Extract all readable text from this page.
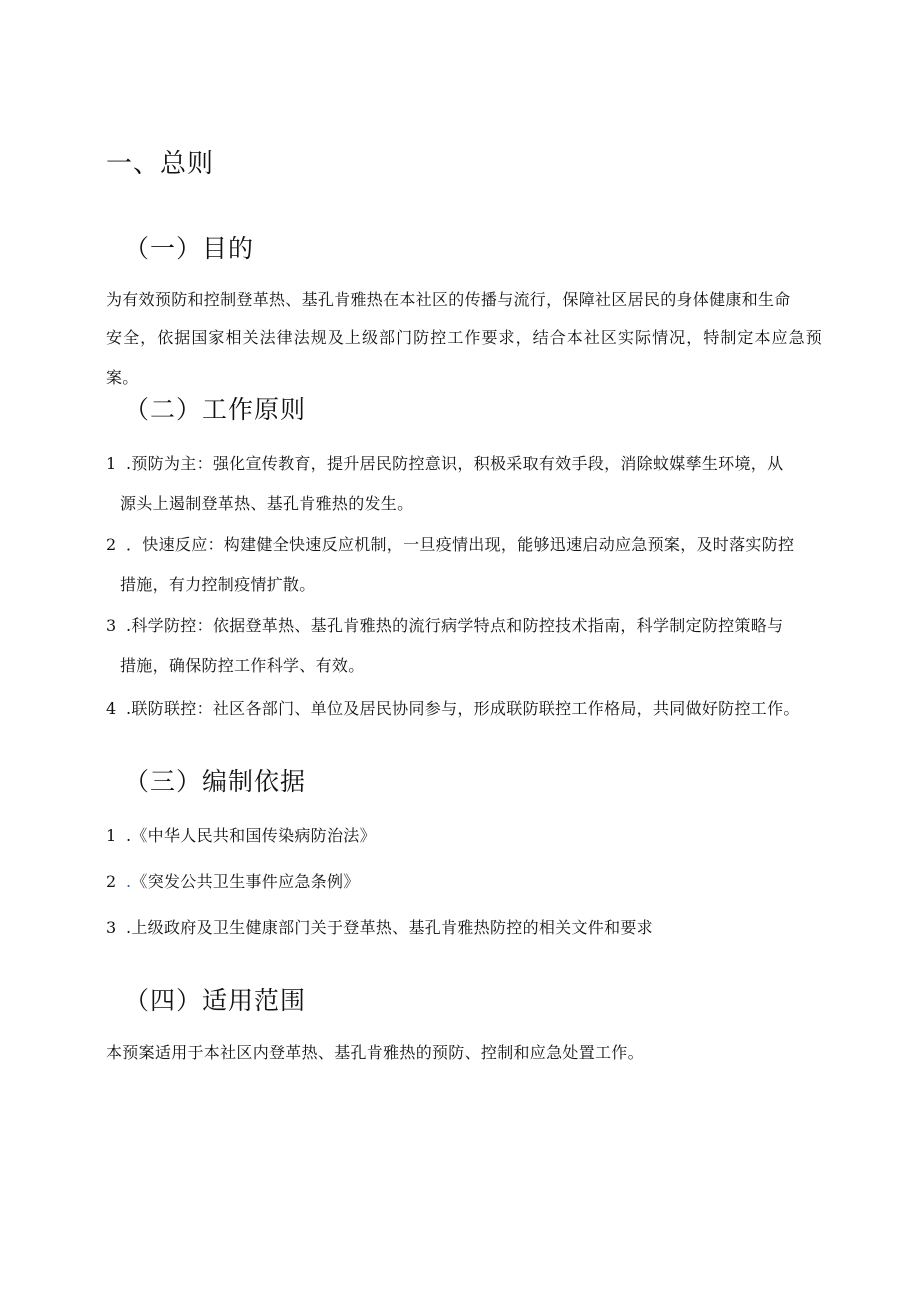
一、总则
（一）目的

为有效预防和控制登革热、基孔肯雅热在本社区的传播与流行，保障社区居民的身体健康和生命

安全，依据国家相关法律法规及上级部门防控工作要求，结合本社区实际情况，特制定本应急预案。

（二）工作原则
1 .预防为主：强化宣传教育，提升居民防控意识，积极采取有效手段，消除蚊媒孳生环境，从
源头上遏制登革热、基孔肯雅热的发生。
2 ．快速反应：构建健全快速反应机制，一旦疫情出现，能够迅速启动应急预案，及时落实防控
措施，有力控制疫情扩散。
3 .科学防控：依据登革热、基孔肯雅热的流行病学特点和防控技术指南，科学制定防控策略与
措施，确保防控工作科学、有效。
4 .联防联控：社区各部门、单位及居民协同参与，形成联防联控工作格局，共同做好防控工作。
（三）编制依据
1 .《中华人民共和国传染病防治法》
2 .《突发公共卫生事件应急条例》
3 .上级政府及卫生健康部门关于登革热、基孔肯雅热防控的相关文件和要求
（四）适用范围

本预案适用于本社区内登革热、基孔肯雅热的预防、控制和应急处置工作。
